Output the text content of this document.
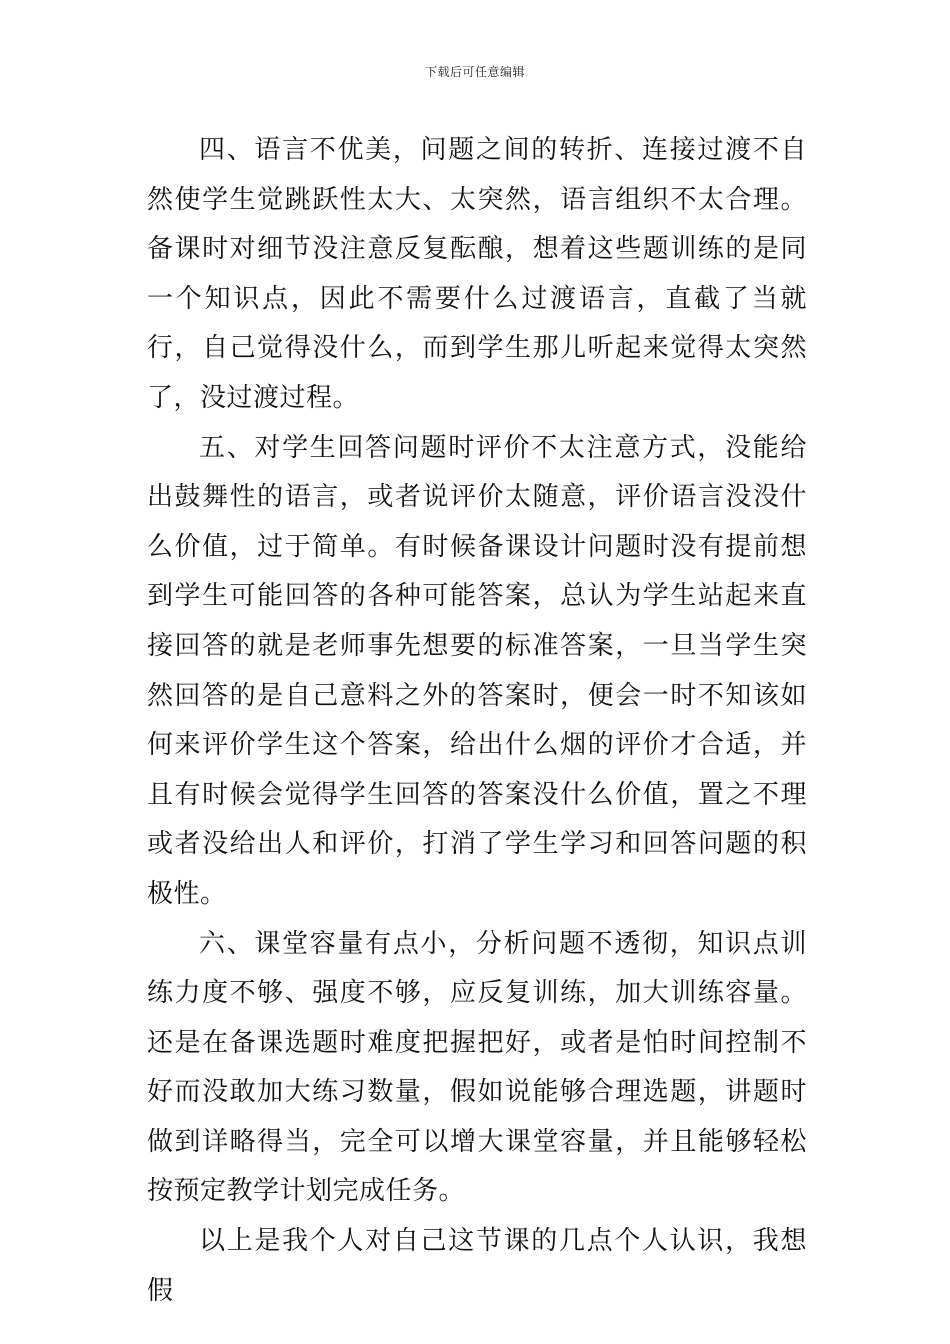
下载后可任意编辑

四、语言不优美，问题之间的转折、连接过渡不自然使学生觉跳跃性太大、太突然，语言组织不太合理。备课时对细节没注意反复酝酿，想着这些题训练的是同一个知识点，因此不需要什么过渡语言，直截了当就行，自己觉得没什么，而到学生那儿听起来觉得太突然了，没过渡过程。

五、对学生回答问题时评价不太注意方式，没能给出鼓舞性的语言，或者说评价太随意，评价语言没没什么价值，过于简单。有时候备课设计问题时没有提前想到学生可能回答的各种可能答案，总认为学生站起来直接回答的就是老师事先想要的标准答案，一旦当学生突然回答的是自己意料之外的答案时，便会一时不知该如何来评价学生这个答案，给出什么烟的评价才合适，并且有时候会觉得学生回答的答案没什么价值，置之不理或者没给出人和评价，打消了学生学习和回答问题的积极性。

六、课堂容量有点小，分析问题不透彻，知识点训练力度不够、强度不够，应反复训练，加大训练容量。还是在备课选题时难度把握把好，或者是怕时间控制不好而没敢加大练习数量，假如说能够合理选题，讲题时做到详略得当，完全可以增大课堂容量，并且能够轻松按预定教学计划完成任务。

以上是我个人对自己这节课的几点个人认识，我想假
